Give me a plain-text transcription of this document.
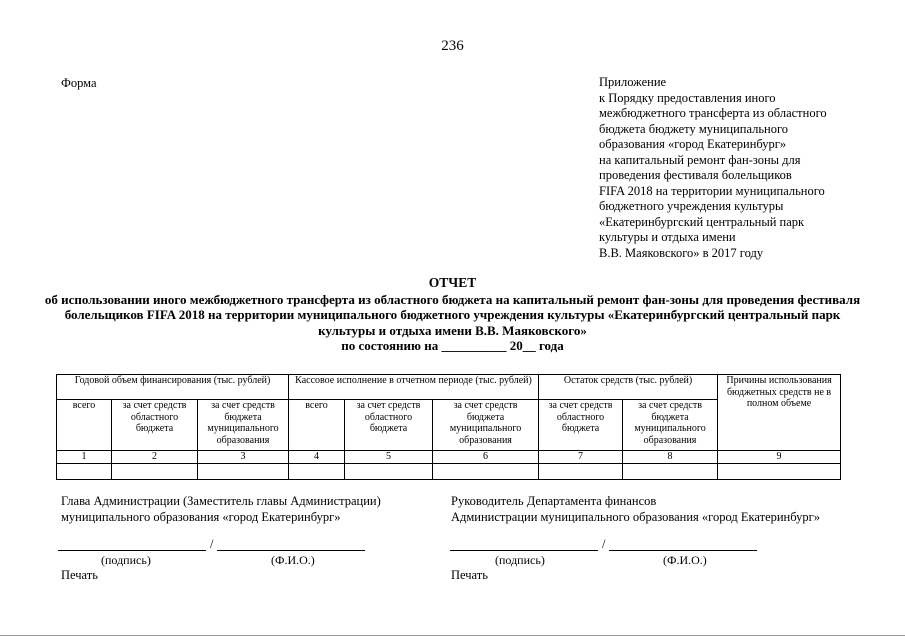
236
Форма	Приложение
к Порядку предоставления иного
межбюджетного трансферта из областного
бюджета бюджету муниципального
образования «город Екатеринбург»
на капитальный ремонт фан-зоны для
проведения фестиваля болельщиков
FIFA 2018 на территории муниципального
бюджетного учреждения культуры
«Екатеринбургский центральный парк
культуры и отдыха имени
В.В. Маяковского» в 2017 году
ОТЧЕТ
об использовании иного межбюджетного трансферта из областного бюджета на капитальный ремонт фан-зоны для проведения фестиваля
болельщиков FIFA 2018 на территории муниципального бюджетного учреждения культуры «Екатеринбургский центральный парк
культуры и отдыха имени В.В. Маяковского»
по состоянию на __________ 20__ года
Годовой объем финансирования (тыс. рублей)			Кассовое исполнение в отчетном периоде (тыс. рублей)			Остаток средств (тыс. рублей)		Причины использования бюджетных средств не в полном объеме
всего	за счет средств областного бюджета	за счет средств бюджета муниципального образования	всего	за счет средств областного бюджета	за счет средств бюджета муниципального образования	за счет средств областного бюджета	за счет средств бюджета муниципального образования	
1	2	3	4	5	6	7	8	9

Глава Администрации (Заместитель главы Администрации)
муниципального образования «город Екатеринбург»
/
(подпись)	(Ф.И.О.)
Печать
Руководитель Департамента финансов
Администрации муниципального образования «город Екатеринбург»
/
(подпись)	(Ф.И.О.)
Печать
